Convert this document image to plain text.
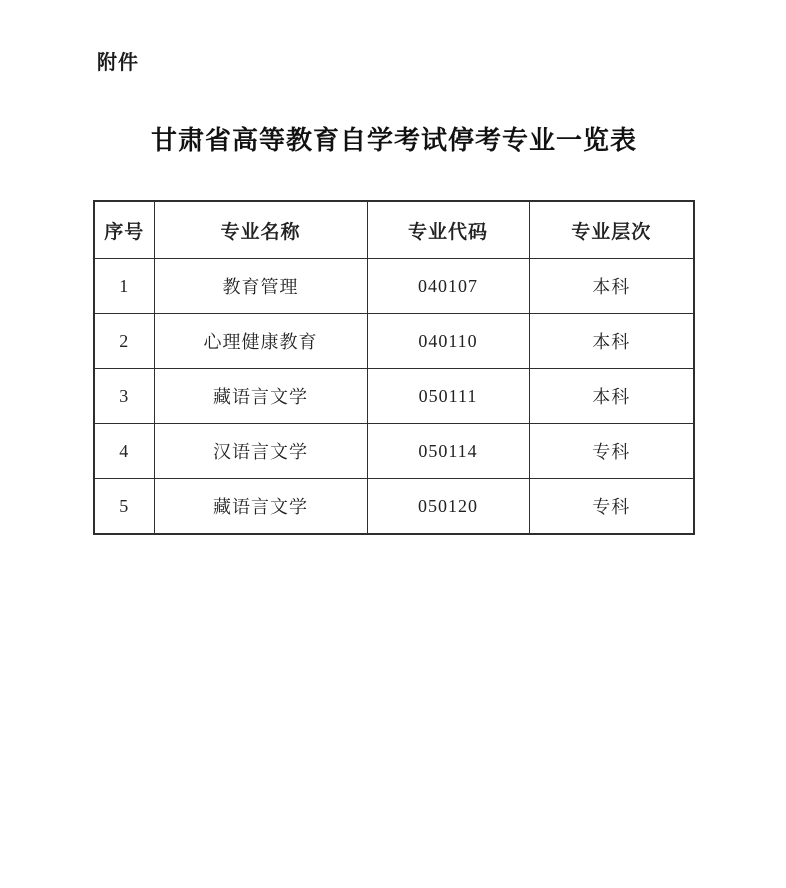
附件
甘肃省高等教育自学考试停考专业一览表
序号	专业名称	专业代码	专业层次
1	教育管理	040107	本科
2	心理健康教育	040110	本科
3	藏语言文学	050111	本科
4	汉语言文学	050114	专科
5	藏语言文学	050120	专科
